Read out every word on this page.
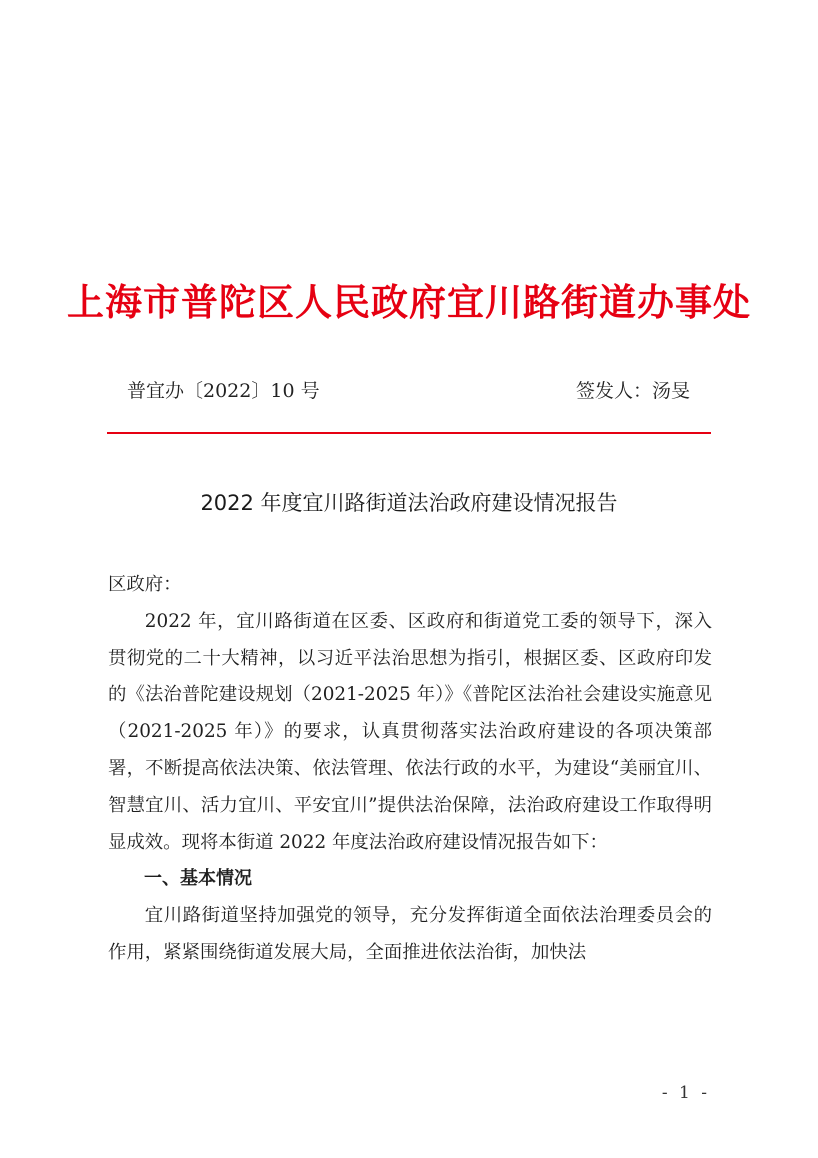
上海市普陀区人民政府宜川路街道办事处
普宜办〔2022〕10 号	签发人：汤旻
2022 年度宜川路街道法治政府建设情况报告

区政府：

2022 年，宜川路街道在区委、区政府和街道党工委的领导下，深入贯彻党的二十大精神，以习近平法治思想为指引，根据区委、区政府印发的《法治普陀建设规划（2021-2025 年）》《普陀区法治社会建设实施意见（2021-2025 年）》的要求，认真贯彻落实法治政府建设的各项决策部署，不断提高依法决策、依法管理、依法行政的水平，为建设“美丽宜川、智慧宜川、活力宜川、平安宜川”提供法治保障，法治政府建设工作取得明显成效。现将本街道 2022 年度法治政府建设情况报告如下：

一、基本情况

宜川路街道坚持加强党的领导，充分发挥街道全面依法治理委员会的作用，紧紧围绕街道发展大局，全面推进依法治街，加快法

- 1 -
